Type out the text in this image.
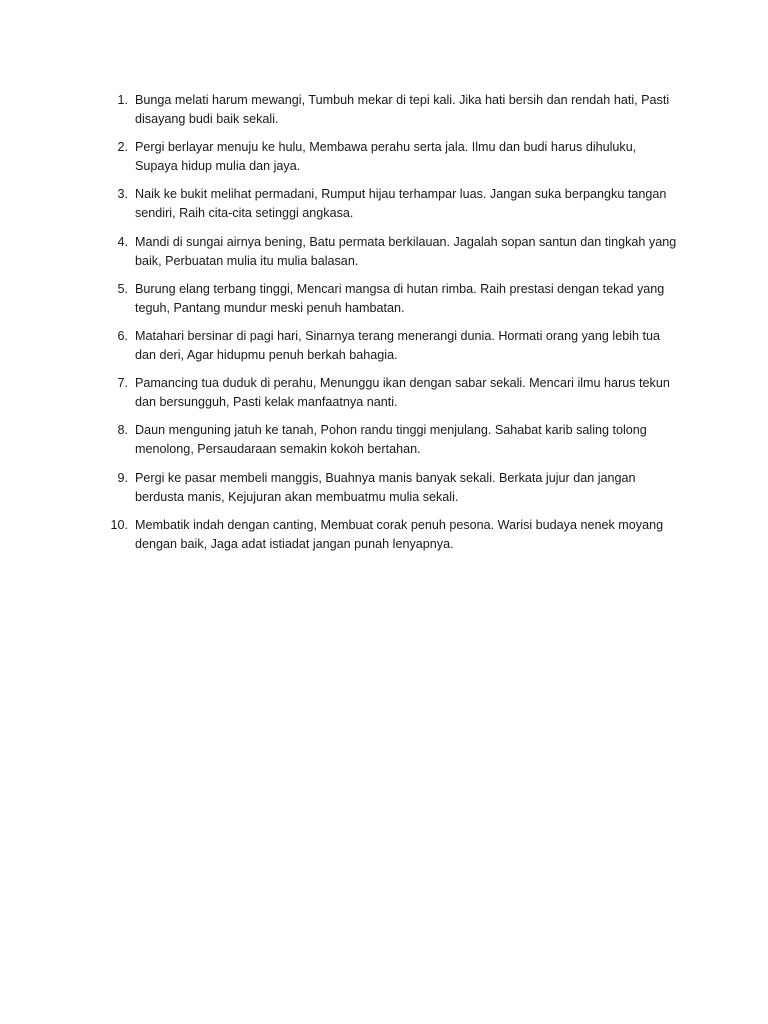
1. Bunga melati harum mewangi, Tumbuh mekar di tepi kali. Jika hati bersih dan rendah hati, Pasti disayang budi baik sekali.
2. Pergi berlayar menuju ke hulu, Membawa perahu serta jala. Ilmu dan budi harus dihuluku, Supaya hidup mulia dan jaya.
3. Naik ke bukit melihat permadani, Rumput hijau terhampar luas. Jangan suka berpangku tangan sendiri, Raih cita-cita setinggi angkasa.
4. Mandi di sungai airnya bening, Batu permata berkilauan. Jagalah sopan santun dan tingkah yang baik, Perbuatan mulia itu mulia balasan.
5. Burung elang terbang tinggi, Mencari mangsa di hutan rimba. Raih prestasi dengan tekad yang teguh, Pantang mundur meski penuh hambatan.
6. Matahari bersinar di pagi hari, Sinarnya terang menerangi dunia. Hormati orang yang lebih tua dan deri, Agar hidupmu penuh berkah bahagia.
7. Pamancing tua duduk di perahu, Menunggu ikan dengan sabar sekali. Mencari ilmu harus tekun dan bersungguh, Pasti kelak manfaatnya nanti.
8. Daun menguning jatuh ke tanah, Pohon randu tinggi menjulang. Sahabat karib saling tolong menolong, Persaudaraan semakin kokoh bertahan.
9. Pergi ke pasar membeli manggis, Buahnya manis banyak sekali. Berkata jujur dan jangan berdusta manis, Kejujuran akan membuatmu mulia sekali.
10. Membatik indah dengan canting, Membuat corak penuh pesona. Warisi budaya nenek moyang dengan baik, Jaga adat istiadat jangan punah lenyapnya.
